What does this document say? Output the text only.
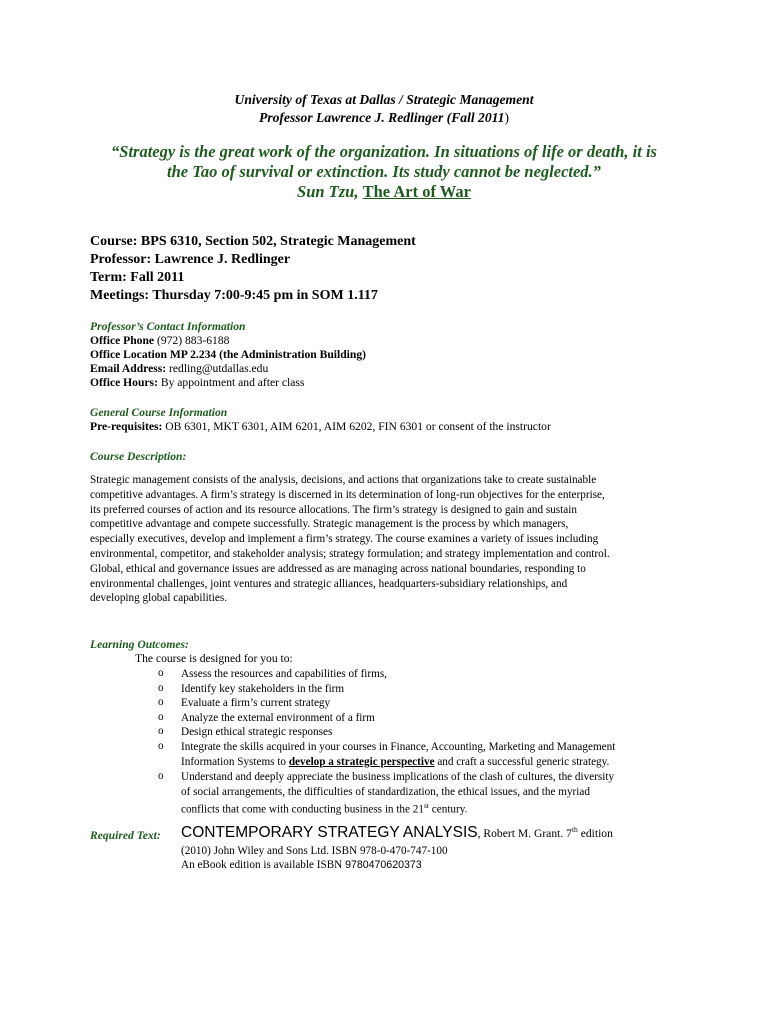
University of Texas at Dallas / Strategic Management
Professor Lawrence J. Redlinger (Fall 2011)
“Strategy is the great work of the organization. In situations of life or death, it is
the Tao of survival or extinction. Its study cannot be neglected.”
Sun Tzu, The Art of War
Course: BPS 6310, Section 502, Strategic Management
Professor: Lawrence J. Redlinger
Term: Fall 2011
Meetings: Thursday 7:00-9:45 pm in SOM 1.117
Professor’s Contact Information
Office Phone (972) 883-6188
Office Location MP 2.234 (the Administration Building)
Email Address: redling@utdallas.edu
Office Hours: By appointment and after class
General Course Information
Pre-requisites: OB 6301, MKT 6301, AIM 6201, AIM 6202, FIN 6301 or consent of the instructor
Course Description:

Strategic management consists of the analysis, decisions, and actions that organizations take to create sustainable

competitive advantages. A firm’s strategy is discerned in its determination of long-run objectives for the enterprise,

its preferred courses of action and its resource allocations. The firm’s strategy is designed to gain and sustain

competitive advantage and compete successfully. Strategic management is the process by which managers,

especially executives, develop and implement a firm’s strategy. The course examines a variety of issues including

environmental, competitor, and stakeholder analysis; strategy formulation; and strategy implementation and control.

Global, ethical and governance issues are addressed as are managing across national boundaries, responding to

environmental challenges, joint ventures and strategic alliances, headquarters-subsidiary relationships, and

developing global capabilities.

Learning Outcomes:
The course is designed for you to:
o Assess the resources and capabilities of firms,
o Identify key stakeholders in the firm
o Evaluate a firm’s current strategy
o Analyze the external environment of a firm
o Design ethical strategic responses
o Integrate the skills acquired in your courses in Finance, Accounting, Marketing and Management
Information Systems to develop a strategic perspective and craft a successful generic strategy.
o Understand and deeply appreciate the business implications of the clash of cultures, the diversity
of social arrangements, the difficulties of standardization, the ethical issues, and the myriad
conflicts that come with conducting business in the 21st century.
Required Text: CONTEMPORARY STRATEGY ANALYSIS, Robert M. Grant. 7th edition
(2010) John Wiley and Sons Ltd. ISBN 978-0-470-747-100
An eBook edition is available ISBN 9780470620373
